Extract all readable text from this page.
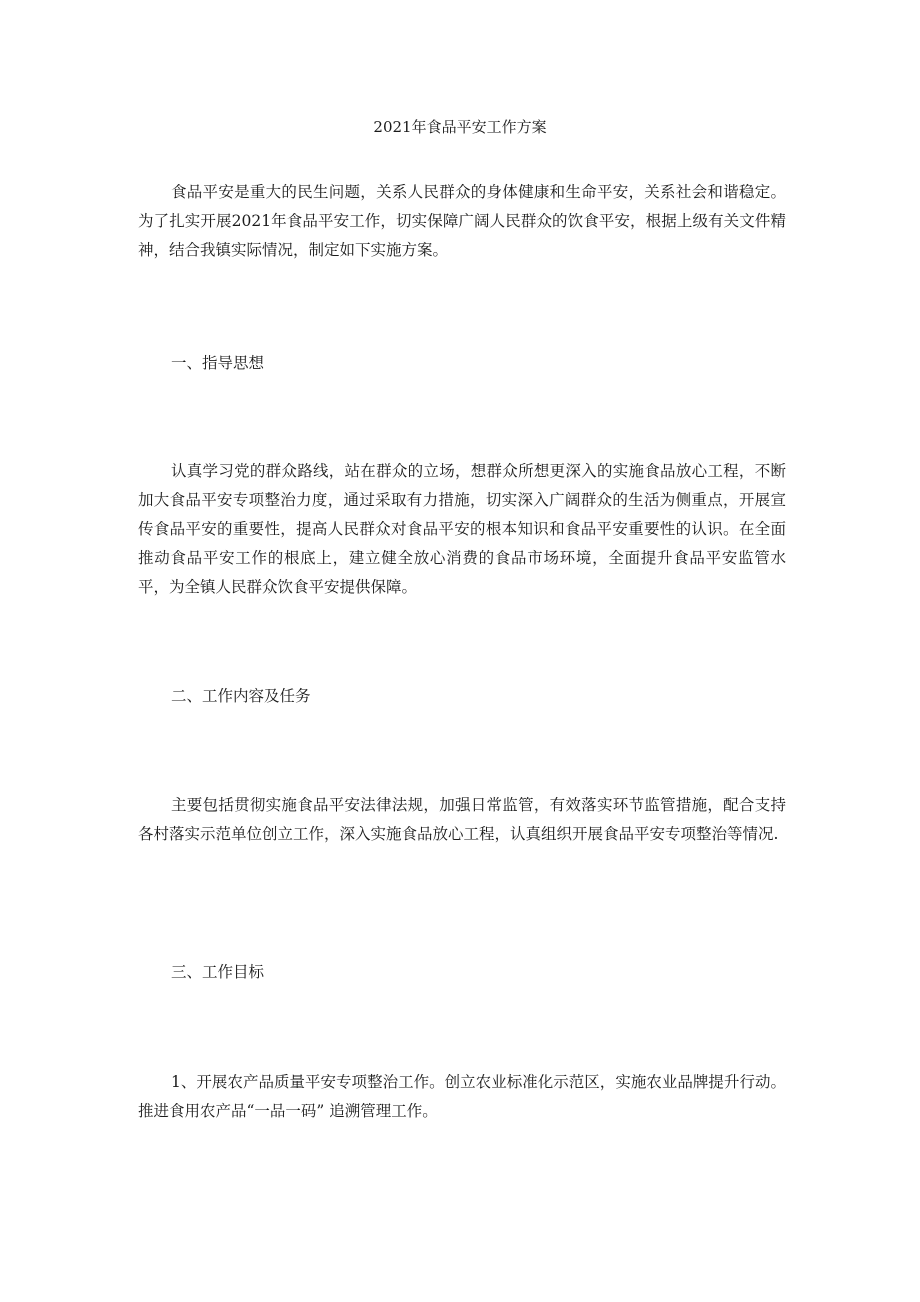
2021年食品平安工作方案

食品平安是重大的民生问题，关系人民群众的身体健康和生命平安，关系社会和谐稳定。为了扎实开展2021年食品平安工作，切实保障广阔人民群众的饮食平安，根据上级有关文件精神，结合我镇实际情况，制定如下实施方案。

一、指导思想

认真学习党的群众路线，站在群众的立场，想群众所想更深入的实施食品放心工程，不断加大食品平安专项整治力度，通过采取有力措施，切实深入广阔群众的生活为侧重点，开展宣传食品平安的重要性，提高人民群众对食品平安的根本知识和食品平安重要性的认识。在全面推动食品平安工作的根底上，建立健全放心消费的食品市场环境，全面提升食品平安监管水平，为全镇人民群众饮食平安提供保障。

二、工作内容及任务

主要包括贯彻实施食品平安法律法规，加强日常监管，有效落实环节监管措施，配合支持各村落实示范单位创立工作，深入实施食品放心工程，认真组织开展食品平安专项整治等情况.

三、工作目标

1、开展农产品质量平安专项整治工作。创立农业标准化示范区，实施农业品牌提升行动。推进食用农产品“一品一码” 追溯管理工作。
